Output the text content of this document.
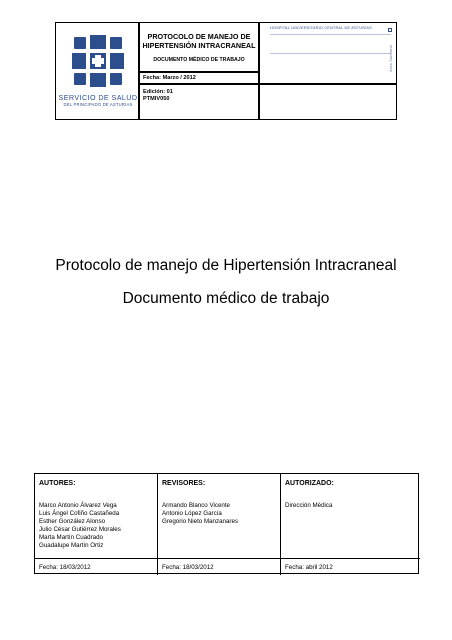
SERVICIO DE SALUD
DEL PRINCIPADO DE ASTURIAS
PROTOCOLO DE MANEJO DE
HIPERTENSIÓN INTRACRANEAL
DOCUMENTO MÉDICO DE TRABAJO
Fecha: Marzo / 2012
Edición: 01
PTMIV050
HOSPITAL UNIVERSITARIO CENTRAL DE ASTURIAS
Área Sanitaria
Protocolo de manejo de Hipertensión Intracraneal
Documento médico de trabajo
AUTORES:
Marco Antonio Álvarez Vega
Luis Ángel Cofiño Castañeda
Esther González Alonso
Julio César Gutiérrez Morales
Marta Martín Cuadrado
Guadalupe Martín Ortiz
REVISORES:
Armando Blanco Vicente
Antonio López García
Gregorio Nieto Manzanares
AUTORIZADO:
Dirección Médica
Fecha: 18/03/2012	Fecha: 18/03/2012	Fecha: abril 2012
